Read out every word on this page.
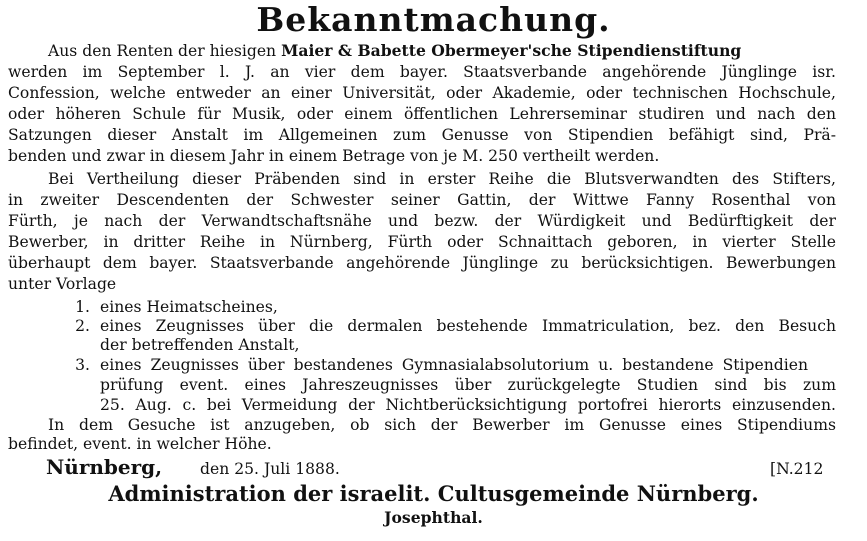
Bekanntmachung.
Aus den Renten der hiesigen Maier & Babette Obermeyer'sche Stipendienstiftung
werden im September l. J. an vier dem bayer. Staatsverbande angehörende Jünglinge isr.
Confession, welche entweder an einer Universität, oder Akademie, oder technischen Hochschule,
oder höheren Schule für Musik, oder einem öffentlichen Lehrerseminar studiren und nach den
Satzungen dieser Anstalt im Allgemeinen zum Genusse von Stipendien befähigt sind, Prä-
benden und zwar in diesem Jahr in einem Betrage von je M. 250 vertheilt werden.
Bei Vertheilung dieser Präbenden sind in erster Reihe die Blutsverwandten des Stifters,
in zweiter Descendenten der Schwester seiner Gattin, der Wittwe Fanny Rosenthal von
Fürth, je nach der Verwandtschaftsnähe und bezw. der Würdigkeit und Bedürftigkeit der
Bewerber, in dritter Reihe in Nürnberg, Fürth oder Schnaittach geboren, in vierter Stelle
überhaupt dem bayer. Staatsverbande angehörende Jünglinge zu berücksichtigen. Bewerbungen
unter Vorlage
1. eines Heimatscheines,
2. eines Zeugnisses über die dermalen bestehende Immatriculation, bez. den Besuch
der betreffenden Anstalt,
3. eines Zeugnisses über bestandenes Gymnasialabsolutorium u. bestandene Stipendien
prüfung event. eines Jahreszeugnisses über zurückgelegte Studien sind bis zum
25. Aug. c. bei Vermeidung der Nichtberücksichtigung portofrei hierorts einzusenden.
In dem Gesuche ist anzugeben, ob sich der Bewerber im Genusse eines Stipendiums
Nürnberg, den 25. Juli 1888.	[N.212
Administration der israelit. Cultusgemeinde Nürnberg.
Josephthal.
befindet, event. in welcher Höhe.
